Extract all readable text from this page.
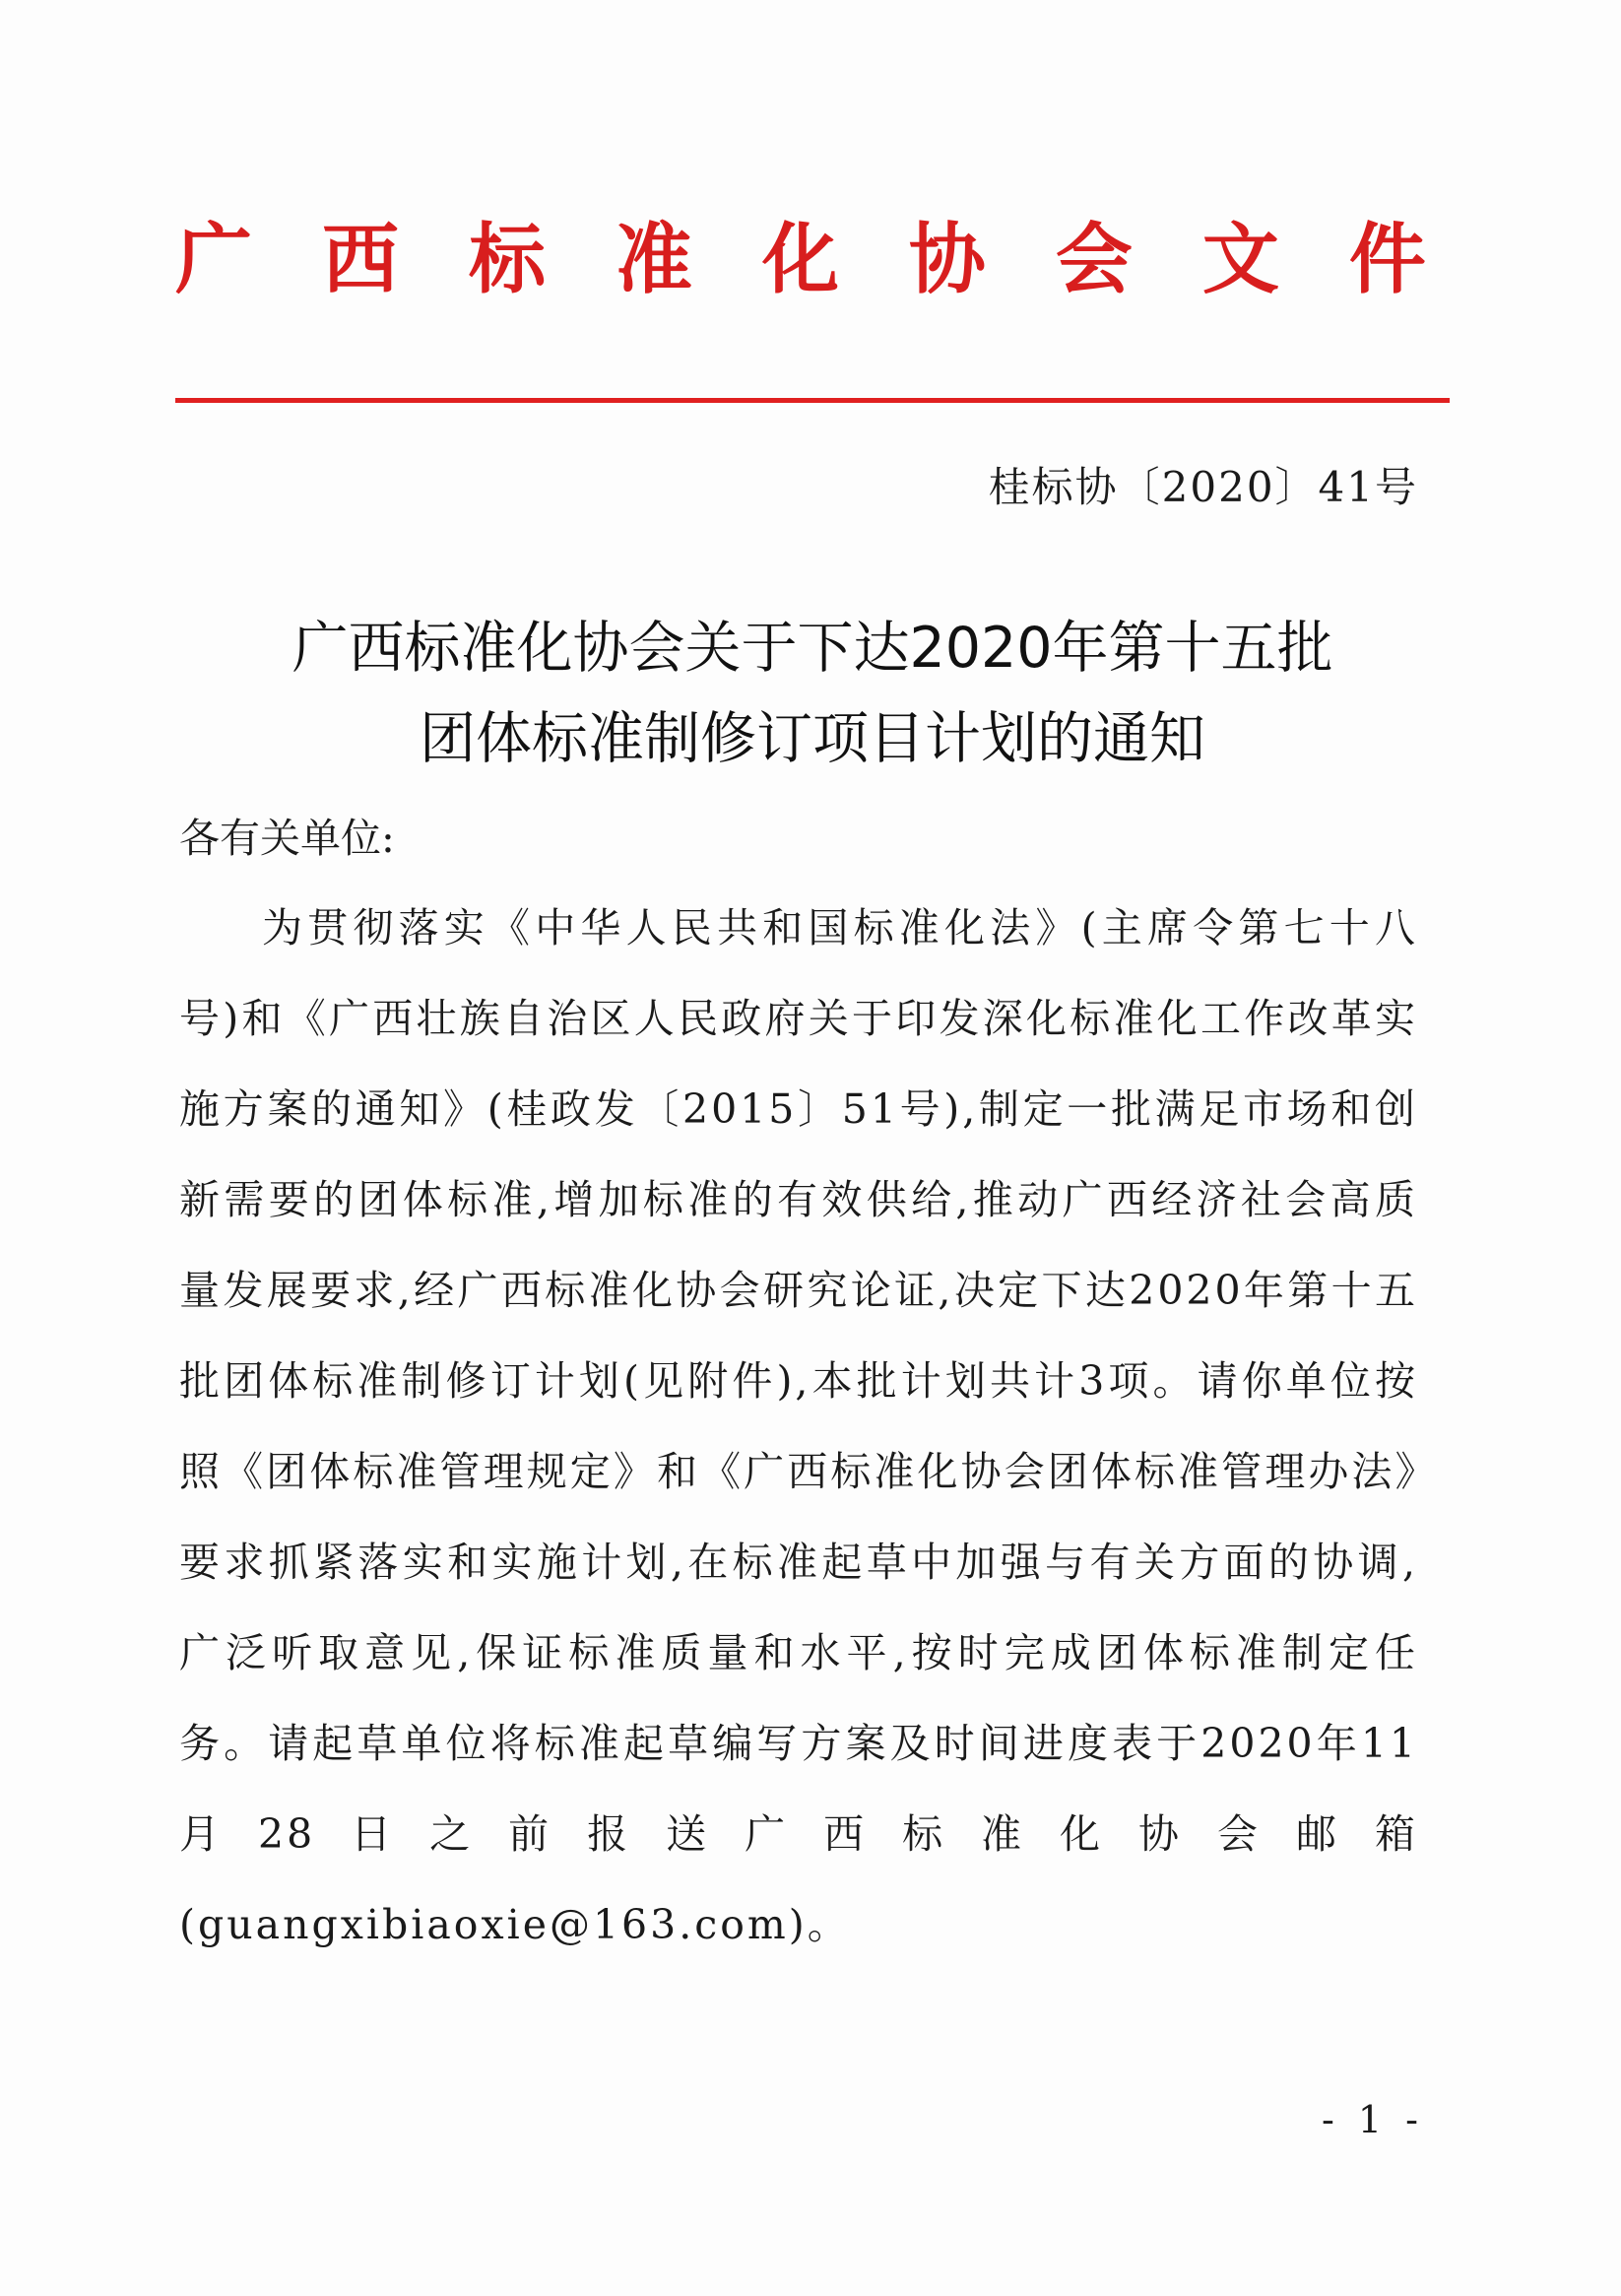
广 西 标 准 化 协 会 文 件
桂标协〔2020〕41号
广西标准化协会关于下达2020年第十五批
团体标准制修订项目计划的通知
各有关单位:
为贯彻落实《中华人民共和国标准化法》(主席令第七十八号)和《广西壮族自治区人民政府关于印发深化标准化工作改革实施方案的通知》(桂政发〔2015〕51号),制定一批满足市场和创新需要的团体标准,增加标准的有效供给,推动广西经济社会高质量发展要求,经广西标准化协会研究论证,决定下达2020年第十五批团体标准制修订计划(见附件),本批计划共计3项。请你单位按照《团体标准管理规定》和《广西标准化协会团体标准管理办法》要求抓紧落实和实施计划,在标准起草中加强与有关方面的协调,广泛听取意见,保证标准质量和水平,按时完成团体标准制定任务。请起草单位将标准起草编写方案及时间进度表于2020年11月28日之前报送广西标准化协会邮箱(guangxibiaoxie@163.com)。
- 1 -
